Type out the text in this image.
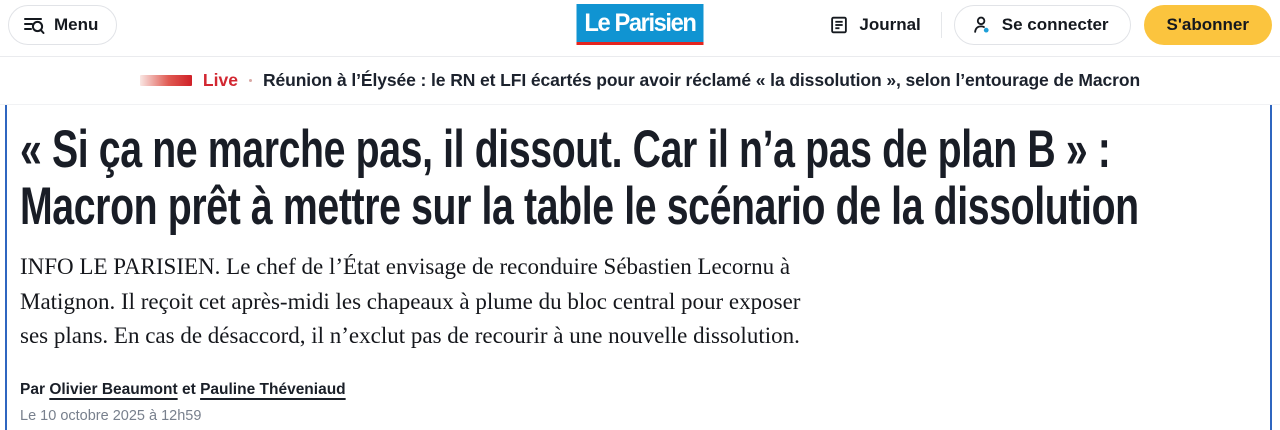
Menu	Le Parisien	Journal	Se connecter	S'abonner
Live Réunion à l’Élysée : le RN et LFI écartés pour avoir réclamé « la dissolution », selon l’entourage de Macron
« Si ça ne marche pas, il dissout. Car il n’a pas de plan B » :
Macron prêt à mettre sur la table le scénario de la dissolution

INFO LE PARISIEN. Le chef de l’État envisage de reconduire Sébastien Lecornu à
Matignon. Il reçoit cet après-midi les chapeaux à plume du bloc central pour exposer
ses plans. En cas de désaccord, il n’exclut pas de recourir à une nouvelle dissolution.

Par Olivier Beaumont et Pauline Théveniaud
Le 10 octobre 2025 à 12h59
